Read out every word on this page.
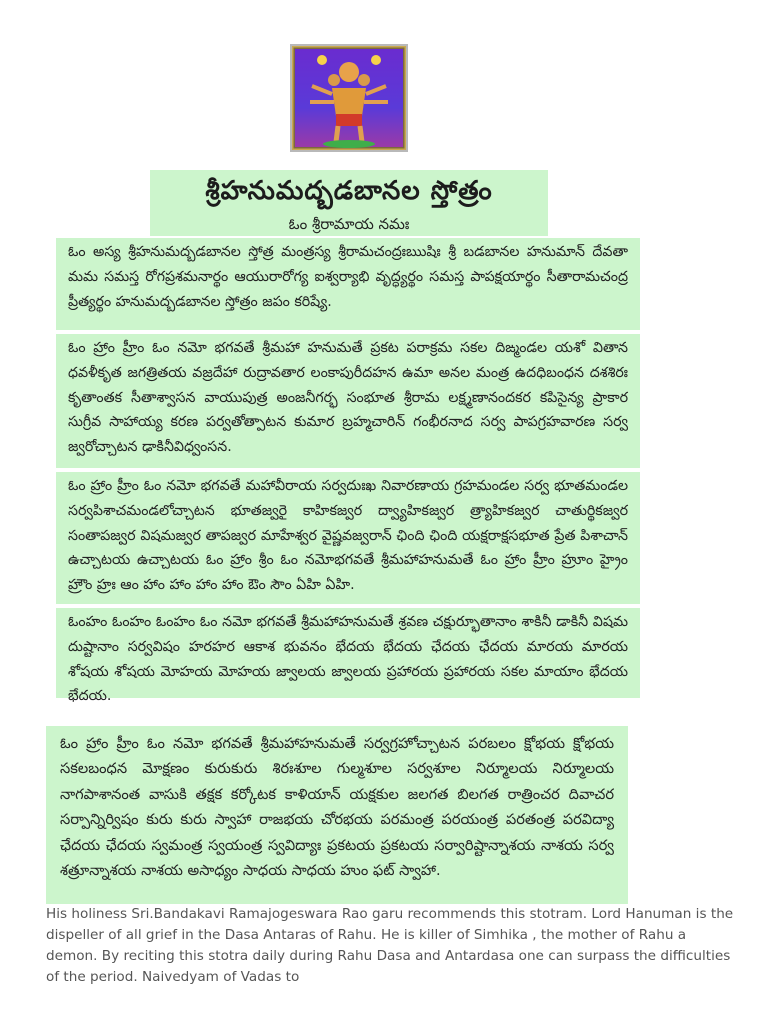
శ్రీహనుమద్బడబానల స్తోత్రం
ఓం శ్రీరామాయ నమః
ఓం అస్య శ్రీహనుమద్బడబానల స్తోత్ర మంత్రస్య శ్రీరామచంద్రఃఋషిః శ్రీ బడబానల హనుమాన్ దేవతా మమ సమస్త రోగప్రశమనార్థం ఆయురారోగ్య ఐశ్వర్యాభి వృద్ధ్యర్థం సమస్త పాపక్షయార్థం సీతారామచంద్ర ప్రీత్యర్థం హనుమద్బడబానల స్తోత్రం జపం కరిష్యే.
ఓం హ్రాం హ్రీం ఓం నమో భగవతే శ్రీమహా హనుమతే ప్రకట పరాక్రమ సకల దిఙ్మండల యశో వితాన ధవళీకృత జగత్రితయ వజ్రదేహా రుద్రావతార లంకాపురీదహన ఉమా అనల మంత్ర ఉదధిబంధన దశశిరః కృతాంతక సీతాశ్వాసన వాయుపుత్ర అంజనీగర్భ సంభూత శ్రీరామ లక్ష్మణానందకర కపిసైన్య ప్రాకార సుగ్రీవ సాహాయ్య కరణ పర్వతోత్పాటన కుమార బ్రహ్మచారిన్ గంభీరనాద సర్వ పాపగ్రహవారణ సర్వ జ్వరోచ్చాటన ఢాకినీవిధ్వంసన.
ఓం హ్రాం హ్రీం ఓం నమో భగవతే మహావీరాయ సర్వదుఃఖ నివారణాయ గ్రహమండల సర్వ భూతమండల సర్వపిశాచమండలోచ్చాటన భూతజ్వరై కాహికజ్వర ద్వ్యాహికజ్వర త్ర్యాహికజ్వర చాతుర్థికజ్వర సంతాపజ్వర విషమజ్వర తాపజ్వర మాహేశ్వర వైష్ణవజ్వరాన్ ఛింది ఛింది యక్షరాక్షసభూత ప్రేత పిశాచాన్ ఉచ్చాటయ ఉచ్చాటయ ఓం హ్రాం శ్రీం ఓం నమోభగవతే శ్రీమహాహనుమతే ఓం హ్రాం హ్రీం హ్రూం హ్రైం హ్రౌం హ్రః ఆం హాం హాం హాం హాం ఔం సౌం ఏహి ఏహి.
ఓంహం ఓంహం ఓంహం ఓం నమో భగవతే శ్రీమహాహనుమతే శ్రవణ చక్షుర్భూతానాం శాకినీ డాకినీ విషమ దుష్టానాం సర్వవిషం హరహర ఆకాశ భువనం భేదయ భేదయ ఛేదయ ఛేదయ మారయ మారయ శోషయ శోషయ మోహయ మోహయ జ్వాలయ జ్వాలయ ప్రహారయ ప్రహారయ సకల మాయాం భేదయ భేదయ.
ఓం హ్రాం హ్రీం ఓం నమో భగవతే శ్రీమహాహనుమతే సర్వగ్రహోచ్చాటన పరబలం క్షోభయ క్షోభయ సకలబంధన మోక్షణం కురుకురు శిరఃశూల గుల్మశూల సర్వశూల నిర్మూలయ నిర్మూలయ నాగపాశానంత వాసుకి తక్షక కర్కోటక కాళియాన్ యక్షకుల జలగత బిలగత రాత్రించర దివాచర సర్పాన్నిర్విషం కురు కురు స్వాహా రాజభయ చోరభయ పరమంత్ర పరయంత్ర పరతంత్ర పరవిద్యా ఛేదయ ఛేదయ స్వమంత్ర స్వయంత్ర స్వవిద్యాః ప్రకటయ ప్రకటయ సర్వారిష్టాన్నాశయ నాశయ సర్వ శత్రూన్నాశయ నాశయ అసాధ్యం సాధయ సాధయ హుం ఫట్ స్వాహా.
His holiness Sri.Bandakavi Ramajogeswara Rao garu recommends this stotram. Lord Hanuman is the dispeller of all grief in the Dasa Antaras of Rahu. He is killer of Simhika , the mother of Rahu a demon. By reciting this stotra daily during Rahu Dasa and Antardasa one can surpass the difficulties of the period. Naivedyam of Vadas to
